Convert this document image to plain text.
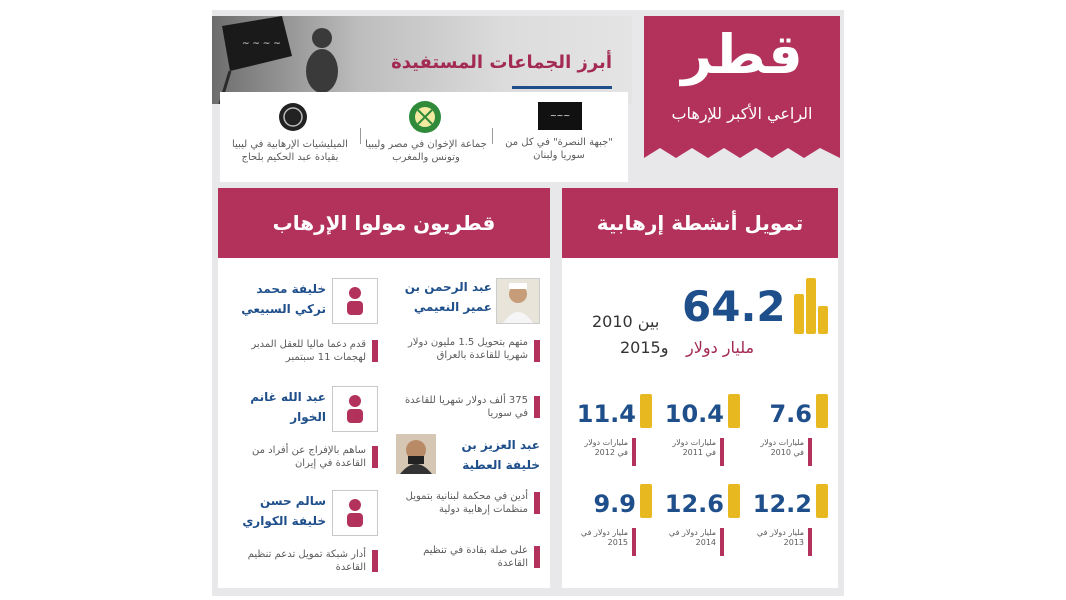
~ ~ ~ ~
أبرز الجماعات المستفيدة
~~~
"جبهة النصرة" في كل من سوريا ولبنان
جماعة الإخوان في مصر وليبيا وتونس والمغرب
الميليشيات الإرهابية في ليبيا بقيادة عبد الحكيم بلحاج
قطر
الراعي الأكبر للإرهاب
قطريون مولوا الإرهاب
عبد الرحمن بن
عمير النعيمي
متهم بتحويل 1.5 مليون دولار شهريا للقاعدة بالعراق
375 ألف دولار شهريا للقاعدة في سوريا
عبد العزيز بن
خليفة العطية
أدين في محكمة لبنانية بتمويل منظمات إرهابية دولية
على صلة بقادة في تنظيم القاعدة
خليفة محمد
تركي السبيعي
قدم دعما ماليا للعقل المدبر لهجمات 11 سبتمبر
عبد الله غانم
الخوار
ساهم بالإفراج عن أفراد من القاعدة في إيران
سالم حسن
خليفة الكواري
أدار شبكة تمويل تدعم تنظيم القاعدة
تمويل أنشطة إرهابية
64.2
مليار دولار
بين 2010
و2015
7.6
مليارات دولار في 2010
10.4
مليارات دولار في 2011
11.4
مليارات دولار في 2012
12.2
مليار دولار في 2013
12.6
مليار دولار في 2014
9.9
مليار دولار في 2015
